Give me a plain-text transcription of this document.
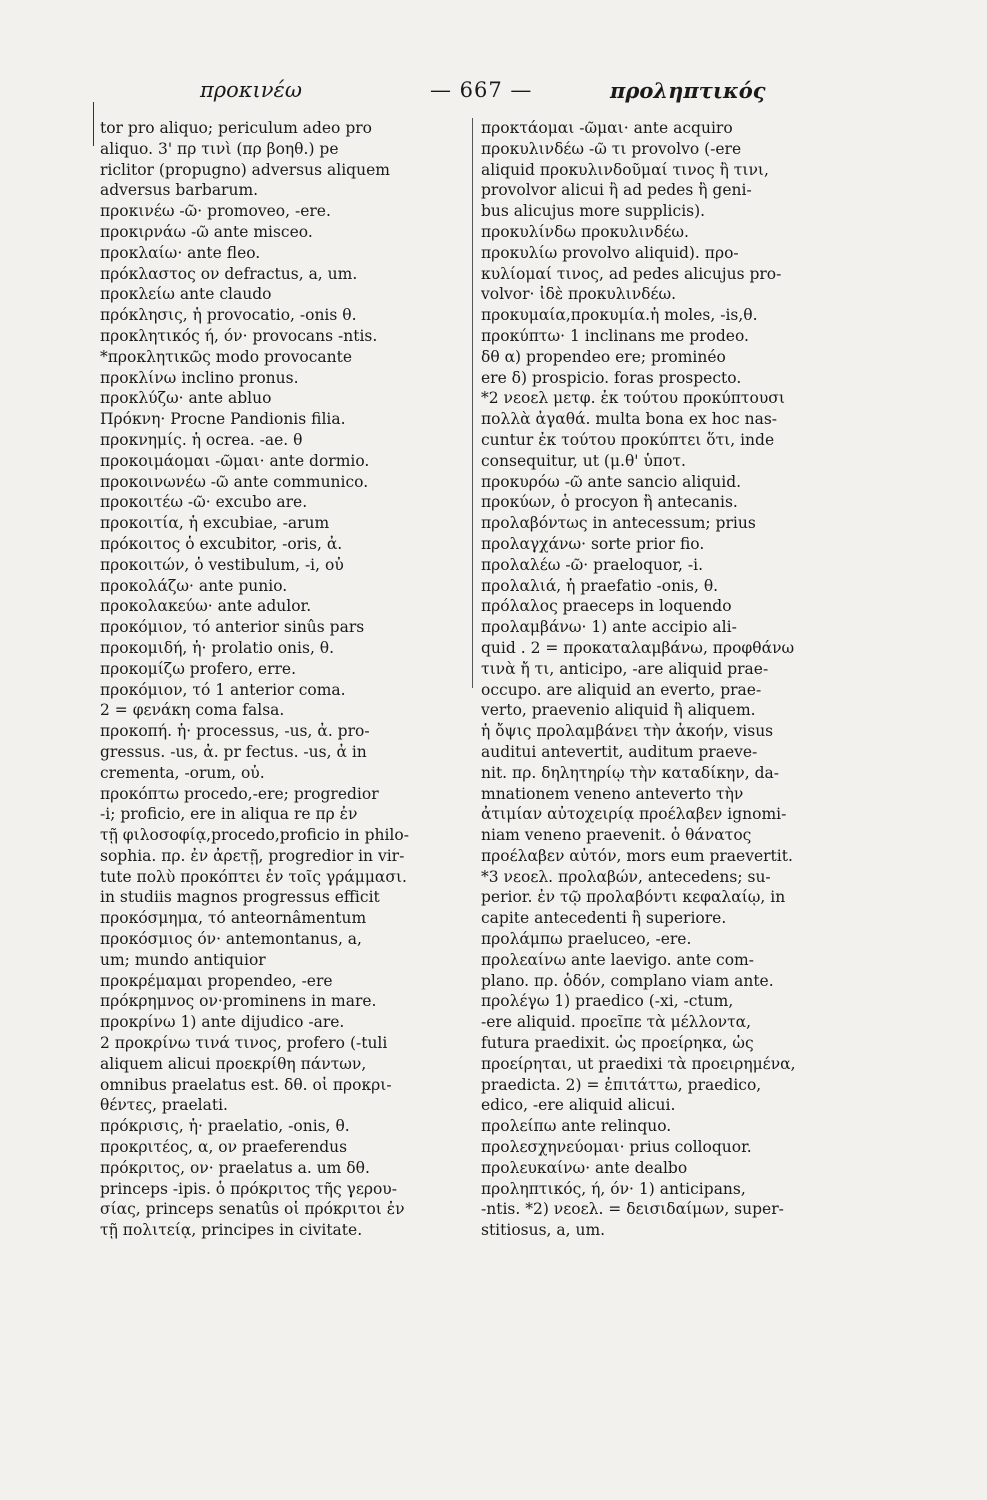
προκινέω	— 667 —	προληπτικός
tor pro aliquo; periculum adeo pro
aliquo. 3' πρ τινὶ (πρ βοηθ.) pe
riclitor (propugno) adversus aliquem
adversus barbarum.
προκινέω -ῶ· promoveo, -ere.
προκιρνάω -ῶ ante misceo.
προκλαίω· ante fleo.
πρόκλαστος ον defractus, a, um.
προκλείω ante claudo
πρόκλησις, ἡ provocatio, -onis θ.
προκλητικός ή, όν· provocans -ntis.
*προκλητικῶς modo provocante
προκλίνω inclino pronus.
προκλύζω· ante abluo
Πρόκνη· Procne Pandionis filia.
προκνημίς. ἡ ocrea. -ae. θ
προκοιμάομαι -ῶμαι· ante dormio.
προκοινωνέω -ῶ ante communico.
προκοιτέω -ῶ· excubo are.
προκοιτία, ἡ excubiae, -arum
πρόκοιτος ὁ excubitor, -oris, ἀ.
προκοιτών, ὁ vestibulum, -i, οὐ
προκολάζω· ante punio.
προκολακεύω· ante adulor.
προκόμιον, τό anterior sinûs pars
προκομιδή, ἡ· prolatio onis, θ.
προκομίζω profero, erre.
προκόμιον, τό 1 anterior coma.
2 = φενάκη coma falsa.
προκοπή. ἡ· processus, -us, ἀ. pro-
gressus. -us, ἀ. pr fectus. -us, ἀ in
crementa, -orum, οὐ.
προκόπτω procedo,-ere; progredior
-i; proficio, ere in aliqua re πρ ἐν
τῇ φιλοσοφίᾳ,procedo,proficio in philo-
sophia. πρ. ἐν ἀρετῇ, progredior in vir-
tute πολὺ προκόπτει ἐν τοῖς γράμμασι.
in studiis magnos progressus efficit
προκόσμημα, τό anteornâmentum
προκόσμιος όν· antemontanus, a,
um; mundo antiquior
προκρέμαμαι propendeo, -ere
πρόκρημνος ον·prominens in mare.
προκρίνω 1) ante dijudico -are.
2 προκρίνω τινά τινος, profero (-tuli
aliquem alicui προεκρίθη πάντων,
omnibus praelatus est. δθ. οἱ προκρι-
θέντες, praelati.
πρόκρισις, ἡ· praelatio, -onis, θ.
προκριτέος, α, ον praeferendus
πρόκριτος, ον· praelatus a. um δθ.
princeps -ipis. ὁ πρόκριτος τῆς γερου-
σίας, princeps senatûs οἱ πρόκριτοι ἐν
τῇ πολιτείᾳ, principes in civitate.
προκτάομαι -ῶμαι· ante acquiro
προκυλινδέω -ῶ τι provolvo (-ere
aliquid προκυλινδοῦμαί τινος ἢ τινι,
provolvor alicui ἢ ad pedes ἢ geni-
bus alicujus more supplicis).
προκυλίνδω προκυλινδέω.
προκυλίω provolvo aliquid). προ-
κυλίομαί τινος, ad pedes alicujus pro-
volvor· ἰδὲ προκυλινδέω.
προκυμαία,προκυμία.ἡ moles, -is,θ.
προκύπτω· 1 inclinans me prodeo.
δθ α) propendeo ere; prominéo
ere δ) prospicio. foras prospecto.
*2 νεοελ μετφ. ἐκ τούτου προκύπτουσι
πολλὰ ἀγαθά. multa bona ex hoc nas-
cuntur ἐκ τούτου προκύπτει ὅτι, inde
consequitur, ut (μ.θ' ὑποτ.
προκυρόω -ῶ ante sancio aliquid.
προκύων, ὁ procyon ἢ antecanis.
προλαβόντως in antecessum; prius
προλαγχάνω· sorte prior fio.
προλαλέω -ῶ· praeloquor, -i.
προλαλιά, ἡ praefatio -onis, θ.
πρόλαλος praeceps in loquendo
προλαμβάνω· 1) ante accipio ali-
quid . 2 = προκαταλαμβάνω, προφθάνω
τινὰ ἤ τι, anticipo, -are aliquid prae-
occupo. are aliquid an everto, prae-
verto, praevenio aliquid ἢ aliquem.
ἡ ὄψις προλαμβάνει τὴν ἀκοήν, visus
auditui antevertit, auditum praeve-
nit. πρ. δηλητηρίῳ τὴν καταδίκην, da-
mnationem veneno anteverto τὴν
ἀτιμίαν αὐτοχειρίᾳ προέλαβεν ignomi-
niam veneno praevenit. ὁ θάνατος
προέλαβεν αὐτόν, mors eum praevertit.
*3 νεοελ. προλαβών, antecedens; su-
perior. ἐν τῷ προλαβόντι κεφαλαίῳ, in
capite antecedenti ἢ superiore.
προλάμπω praeluceo, -ere.
προλεαίνω ante laevigo. ante com-
plano. πρ. ὁδόν, complano viam ante.
προλέγω 1) praedico (-xi, -ctum,
-ere aliquid. προεῖπε τὰ μέλλοντα,
futura praedixit. ὡς προείρηκα, ὡς
προείρηται, ut praedixi τὰ προειρημένα,
praedicta. 2) = ἐπιτάττω, praedico,
edico, -ere aliquid alicui.
προλείπω ante relinquo.
προλεσχηνεύομαι· prius colloquor.
προλευκαίνω· ante dealbo
προληπτικός, ή, όν· 1) anticipans,
-ntis. *2) νεοελ. = δεισιδαίμων, super-
stitiosus, a, um.
